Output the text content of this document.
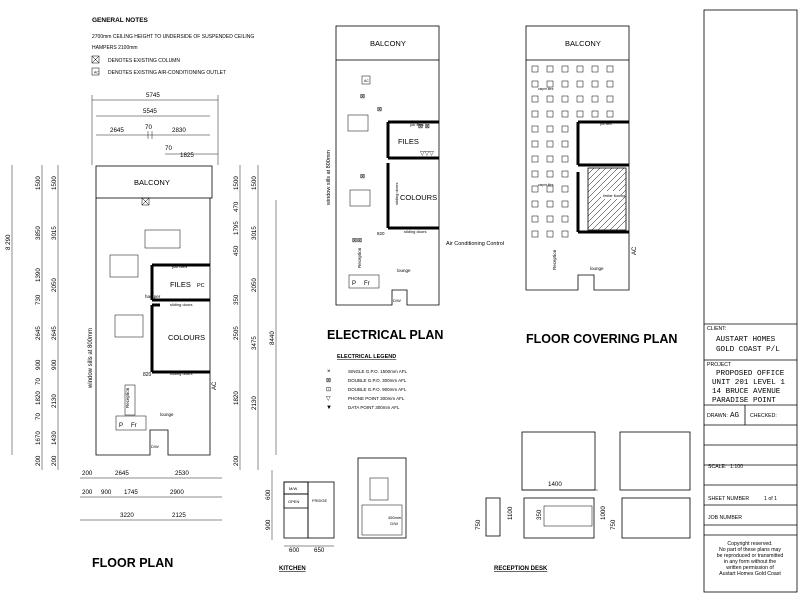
GENERAL NOTES
2700mm CEILING HEIGHT TO UNDERSIDE OF SUSPENDED CEILING
HAMPERS 2100mm
DENOTES EXISTING COLUMN
AC DENOTES EXISTING AIR-CONDITIONING OUTLET
5745
5545
2645	70	2830
70
1825
BALCONY
job files
FILES PC
hamper
COLOURS
sliding doors
sliding doors
820
Reception
lounge
P Fr
D/W
AC
window sills at 800mm
8 290
1500
3850
1390
730
2645
900
70
1820
70
1670
200
1500
3015
2050
2645
900
2130
1430
200
1500 1500
470
1795 3015
450
2050
350
2505
3475 8440
1820 2130
200
200	2645	2530
200 900 1745	2900
3220	2125
FLOOR PLAN
BALCONY
AC
FILES
COLOURS
job files
sliding doors
sliding doors
820
Reception
lounge
P Fr
D/W
Air Conditioning Control
window sills at 800mm
⊠ ⊠
▽▽▽
⊠⊠
⊠
⊠
⊠
ELECTRICAL PLAN
ELECTRICAL LEGEND
×	SINGLE G.P.O. 1500mm AFL
⊠	DOUBLE G.P.O. 300mm AFL
⊡	DOUBLE G.P.O. 900mm AFL
▽	PHONE POINT 300mm AFL
▼	DATA POINT 300mm AFL
BALCONY
timber flooring
job files
carpet tiles
carpet tiles
Reception	lounge
AC
FLOOR COVERING PLAN
M/W
OPEN	FRIDGE
600 650
900
600
450mm
G/W
KITCHEN
1400
1100	350	1000
750	750
RECEPTION DESK
CLIENT:
AUSTART HOMES
GOLD COAST P/L
PROJECT
PROPOSED OFFICE
UNIT 201 LEVEL 1
14 BRUCE AVENUE
PARADISE POINT
DRAWN: AG CHECKED:
SCALE: 1:100
SHEET NUMBER	1 of 1
JOB NUMBER
Copyright reserved.
No part of these plans may
be reproduced or transmitted
in any form without the
written permission of
Austart Homes Gold Coast
